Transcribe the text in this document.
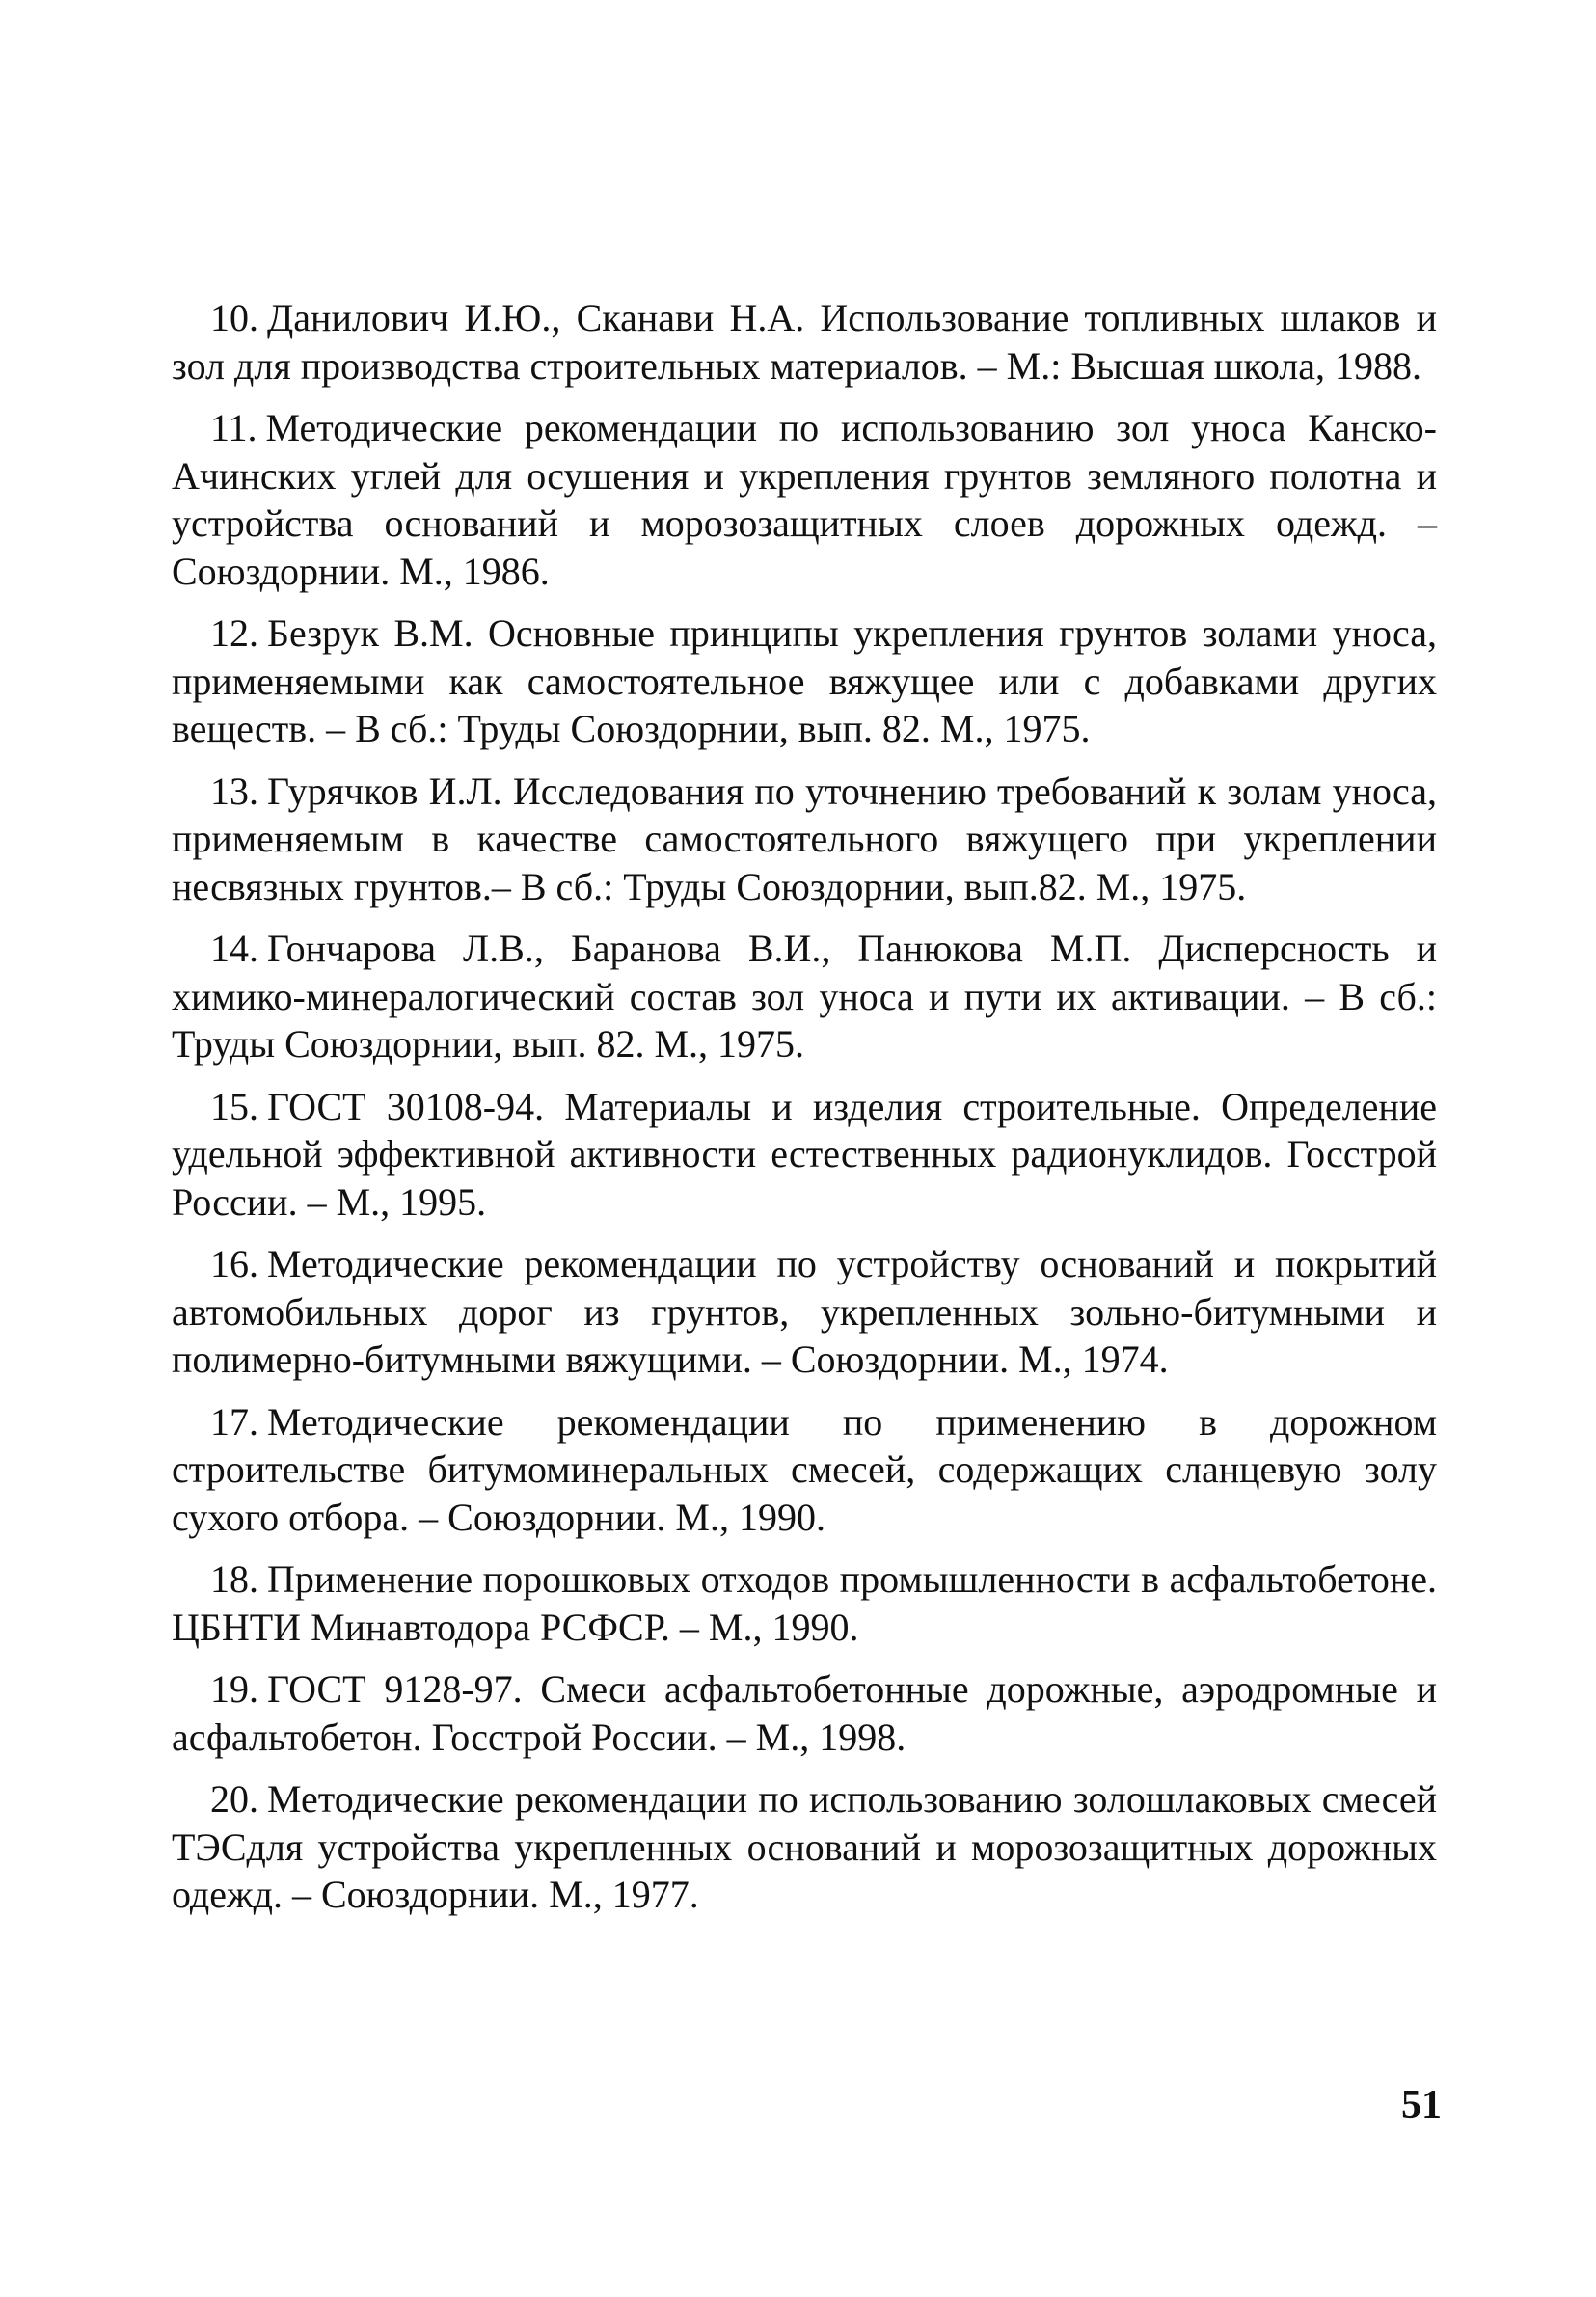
10. Данилович И.Ю., Сканави Н.А. Использование топливных шлаков и зол для производства строительных материалов. – М.: Высшая школа, 1988.
11. Методические рекомендации по использованию зол уноса Канско-Ачинских углей для осушения и укрепления грунтов земляного полотна и устройства оснований и морозозащитных слоев дорожных одежд. – Союздорнии. М., 1986.
12. Безрук В.М. Основные принципы укрепления грунтов золами уноса, применяемыми как самостоятельное вяжущее или с добавками других веществ. – В сб.: Труды Союздорнии, вып. 82. М., 1975.
13. Гурячков И.Л. Исследования по уточнению требований к золам уноса, применяемым в качестве самостоятельного вяжущего при укреплении несвязных грунтов.– В сб.: Труды Союздорнии, вып.82. М., 1975.
14. Гончарова Л.В., Баранова В.И., Панюкова М.П. Дисперсность и химико-минералогический состав зол уноса и пути их активации. – В сб.: Труды Союздорнии, вып. 82. М., 1975.
15. ГОСТ 30108-94. Материалы и изделия строительные. Определение удельной эффективной активности естественных радионуклидов. Госстрой России. – М., 1995.
16. Методические рекомендации по устройству оснований и покрытий автомобильных дорог из грунтов, укрепленных зольно-битумными и полимерно-битумными вяжущими. – Союздорнии. М., 1974.
17. Методические рекомендации по применению в дорожном строительстве битумоминеральных смесей, содержащих сланцевую золу сухого отбора. – Союздорнии. М., 1990.
18. Применение порошковых отходов промышленности в асфальтобетоне. ЦБНТИ Минавтодора РСФСР. – М., 1990.
19. ГОСТ 9128-97. Смеси асфальтобетонные дорожные, аэродромные и асфальтобетон. Госстрой России. – М., 1998.
20. Методические рекомендации по использованию золошлаковых смесей ТЭСдля устройства укрепленных оснований и морозозащитных дорожных одежд. – Союздорнии. М., 1977.
51
